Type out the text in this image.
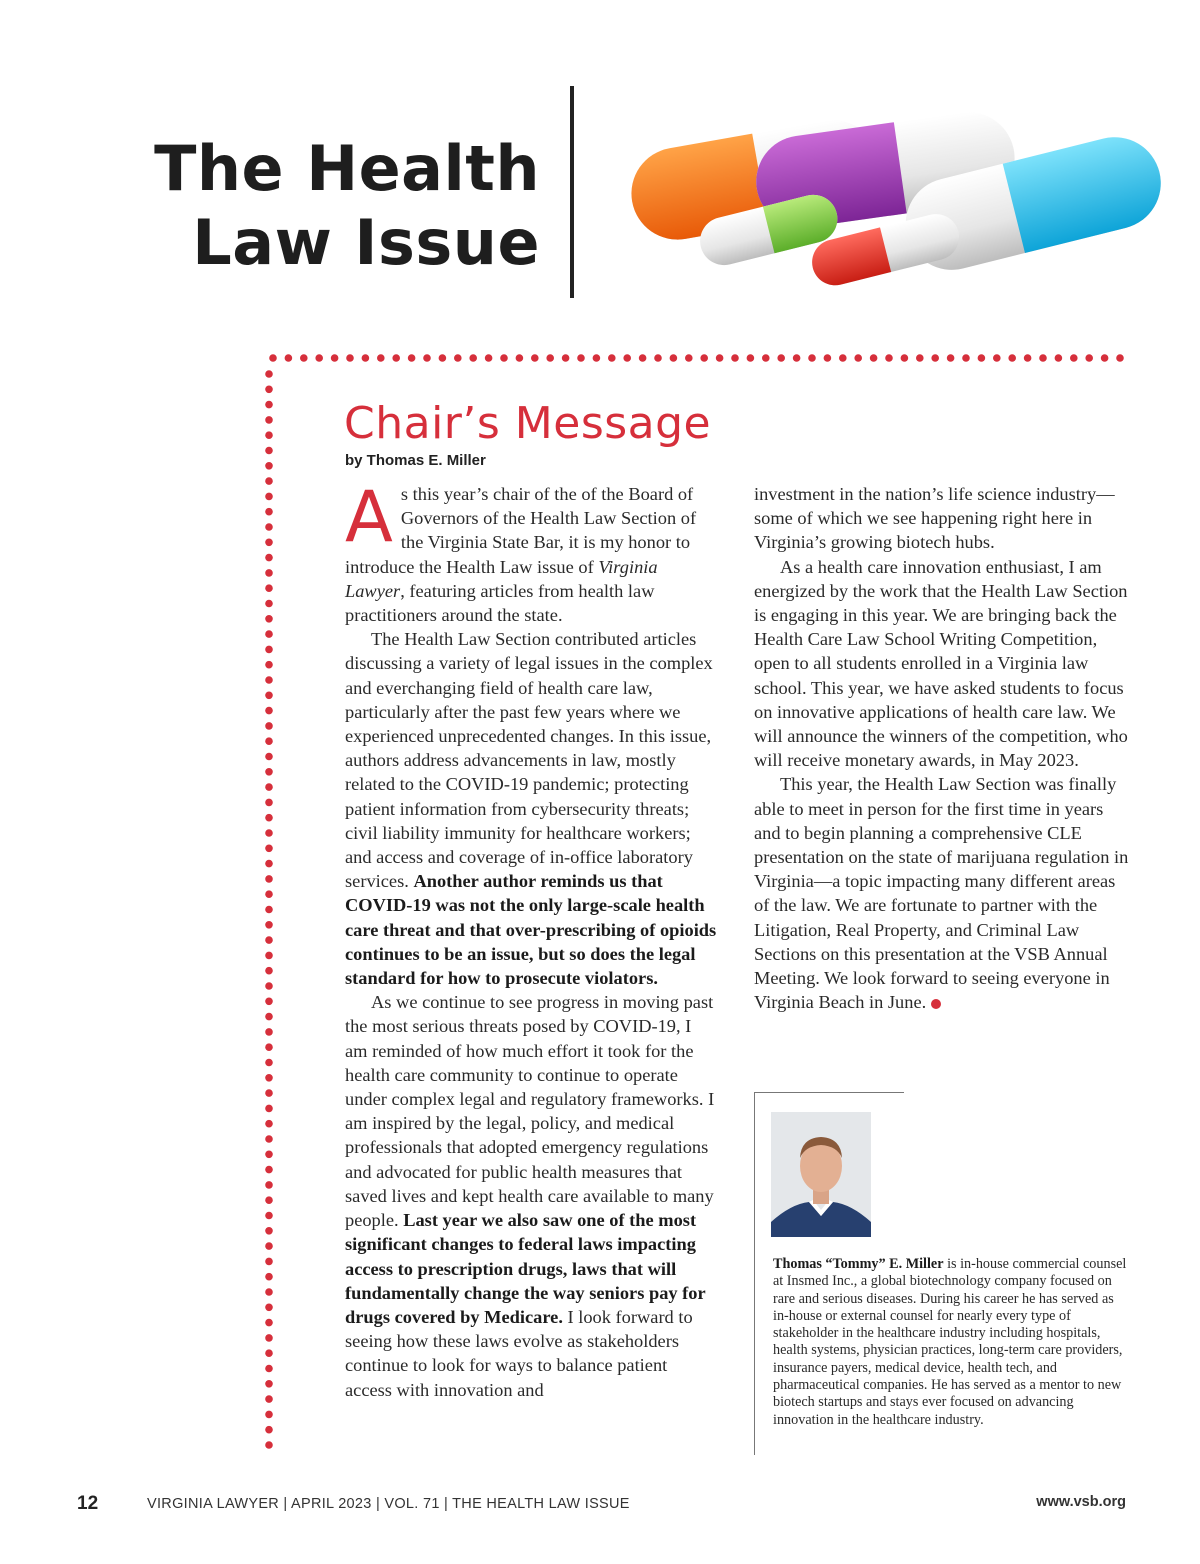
The Health
Law Issue
Chair’s Message
by Thomas E. Miller

As this year’s chair of the of the Board of Governors of the Health Law Section of the Virginia State Bar, it is my honor to introduce the Health Law issue of Virginia Lawyer, featuring articles from health law practitioners around the state.

The Health Law Section contributed articles discussing a variety of legal issues in the complex and everchanging field of health care law, particularly after the past few years where we experienced unprecedented changes. In this issue, authors address advancements in law, mostly related to the COVID-19 pandemic; protecting patient information from cybersecurity threats; civil liability immunity for healthcare workers; and access and coverage of in-office laboratory services. Another author reminds us that COVID-19 was not the only large-scale health care threat and that over-prescribing of opioids continues to be an issue, but so does the legal standard for how to prosecute violators.

As we continue to see progress in moving past the most serious threats posed by COVID-19, I am reminded of how much effort it took for the health care community to continue to operate under complex legal and regulatory frameworks. I am inspired by the legal, policy, and medical professionals that adopted emergency regulations and advocated for public health measures that saved lives and kept health care available to many people. Last year we also saw one of the most significant changes to federal laws impacting access to prescription drugs, laws that will fundamentally change the way seniors pay for drugs covered by Medicare. I look forward to seeing how these laws evolve as stakeholders continue to look for ways to balance patient access with innovation and

investment in the nation’s life science industry—some of which we see happening right here in Virginia’s growing biotech hubs.

As a health care innovation enthusiast, I am energized by the work that the Health Law Section is engaging in this year. We are bringing back the Health Care Law School Writing Competition, open to all students enrolled in a Virginia law school. This year, we have asked students to focus on innovative applications of health care law. We will announce the winners of the competition, who will receive monetary awards, in May 2023.

This year, the Health Law Section was finally able to meet in person for the first time in years and to begin planning a comprehensive CLE presentation on the state of marijuana regulation in Virginia—a topic impacting many different areas of the law. We are fortunate to partner with the Litigation, Real Property, and Criminal Law Sections on this presentation at the VSB Annual Meeting. We look forward to seeing everyone in Virginia Beach in June.

Thomas “Tommy” E. Miller is in-house commercial counsel at Insmed Inc., a global biotechnology company focused on rare and serious diseases. During his career he has served as in-house or external counsel for nearly every type of stakeholder in the healthcare industry including hospitals, health systems, physician practices, long-term care providers, insurance payers, medical device, health tech, and pharmaceutical companies. He has served as a mentor to new biotech startups and stays ever focused on advancing innovation in the healthcare industry.

12	VIRGINIA LAWYER | APRIL 2023 | VOL. 71 | THE HEALTH LAW ISSUE	www.vsb.org
